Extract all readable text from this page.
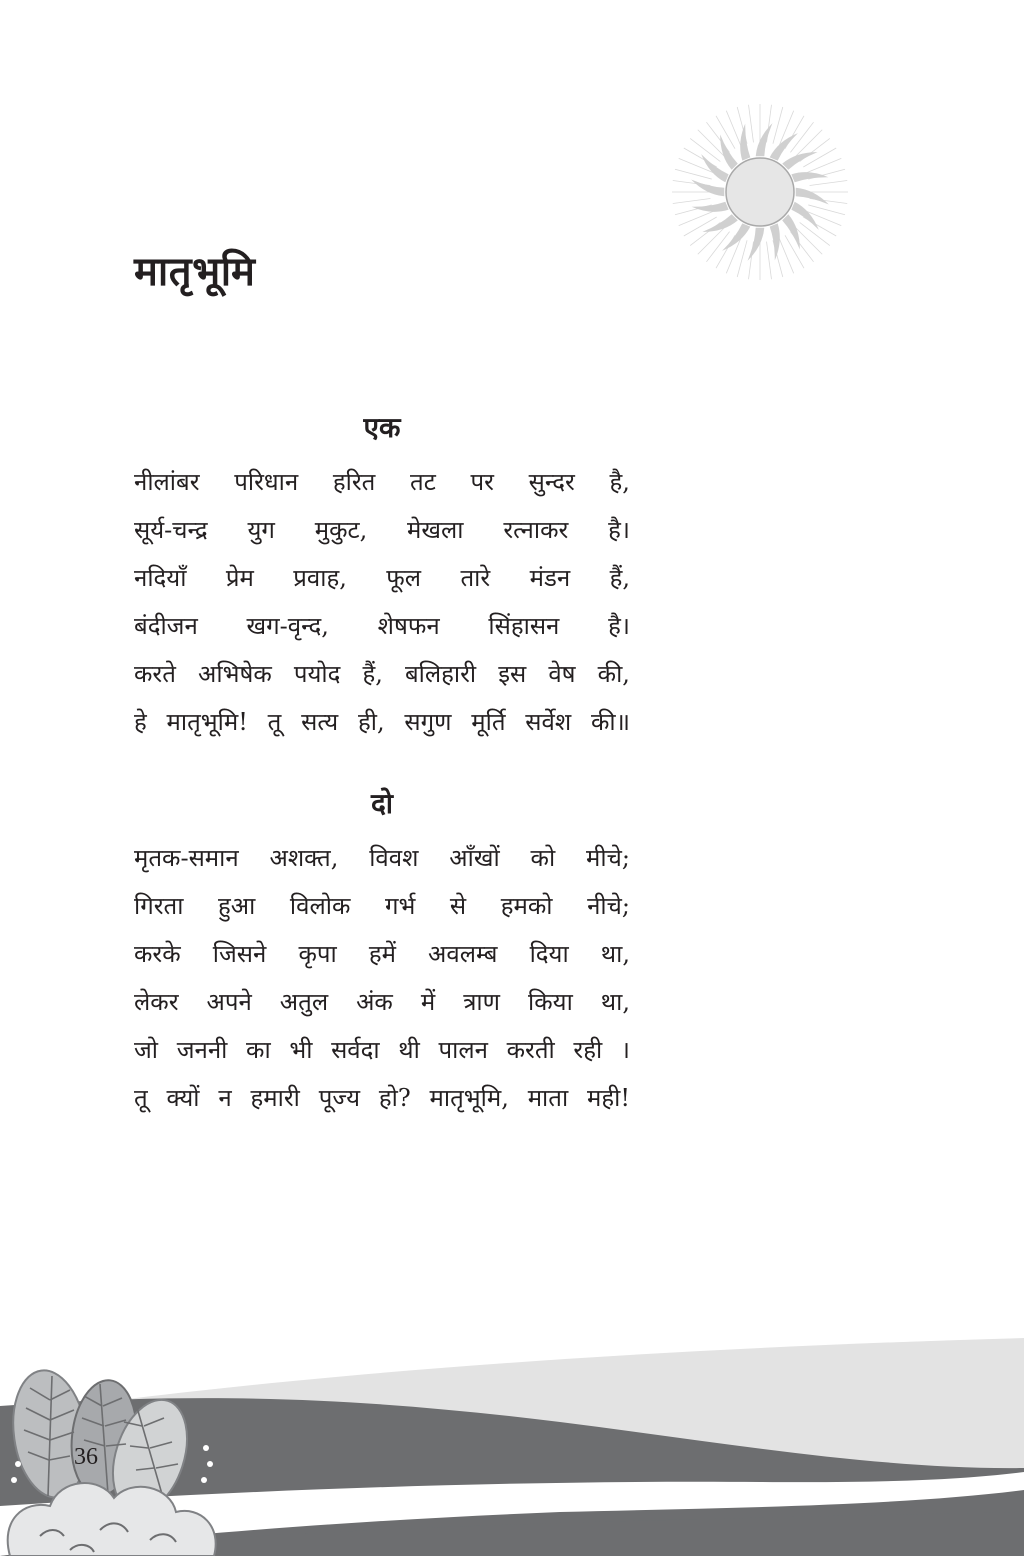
मातृभूमि
एक
नीलांबर परिधान हरित तट पर सुन्दर है,
सूर्य-चन्द्र युग मुकुट, मेखला रत्नाकर है।
नदियाँ प्रेम प्रवाह, फूल तारे मंडन हैं,
बंदीजन खग-वृन्द, शेषफन सिंहासन है।
करते अभिषेक पयोद हैं, बलिहारी इस वेष की,
हे मातृभूमि! तू सत्य ही, सगुण मूर्ति सर्वेश की॥
दो
मृतक-समान अशक्त, विवश आँखों को मीचे;
गिरता हुआ विलोक गर्भ से हमको नीचे;
करके जिसने कृपा हमें अवलम्ब दिया था,
लेकर अपने अतुल अंक में त्राण किया था,
जो जननी का भी सर्वदा थी पालन करती रही ।
तू क्यों न हमारी पूज्य हो? मातृभूमि, माता मही!
36
